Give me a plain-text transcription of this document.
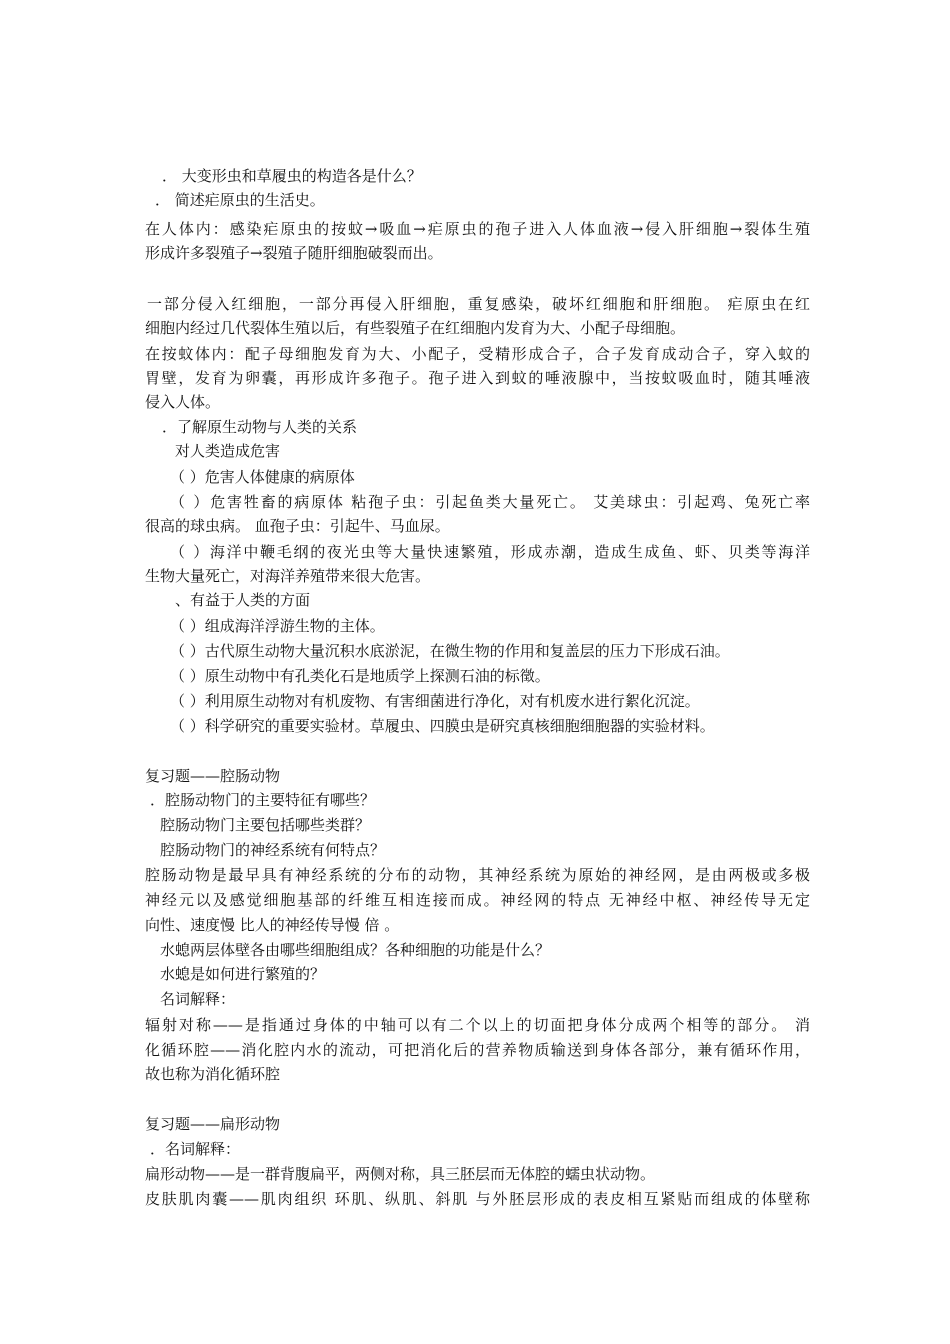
． 大变形虫和草履虫的构造各是什么？
． 简述疟原虫的生活史。
在人体内：感染疟原虫的按蚊→吸血→疟原虫的孢子进入人体血液→侵入肝细胞→裂体生殖
形成许多裂殖子→裂殖子随肝细胞破裂而出。
一部分侵入红细胞，一部分再侵入肝细胞，重复感染，破坏红细胞和肝细胞。 疟原虫在红
细胞内经过几代裂体生殖以后，有些裂殖子在红细胞内发育为大、小配子母细胞。
在按蚊体内：配子母细胞发育为大、小配子，受精形成合子，合子发育成动合子，穿入蚊的
胃壁，发育为卵囊，再形成许多孢子。孢子进入到蚊的唾液腺中，当按蚊吸血时，随其唾液
侵入人体。
．了解原生动物与人类的关系
对人类造成危害
（ ）危害人体健康的病原体
（ ）危害牲畜的病原体 粘孢子虫：引起鱼类大量死亡。 艾美球虫：引起鸡、兔死亡率
很高的球虫病。 血孢子虫：引起牛、马血尿。
（ ）海洋中鞭毛纲的夜光虫等大量快速繁殖，形成赤潮，造成生成鱼、虾、贝类等海洋
生物大量死亡，对海洋养殖带来很大危害。
、有益于人类的方面
（ ）组成海洋浮游生物的主体。
（ ）古代原生动物大量沉积水底淤泥，在微生物的作用和复盖层的压力下形成石油。
（ ）原生动物中有孔类化石是地质学上探测石油的标徵。
（ ）利用原生动物对有机废物、有害细菌进行净化，对有机废水进行絮化沉淀。
（ ）科学研究的重要实验材。草履虫、四膜虫是研究真核细胞细胞器的实验材料。
复习题——腔肠动物
．腔肠动物门的主要特征有哪些？
腔肠动物门主要包括哪些类群？
腔肠动物门的神经系统有何特点？
腔肠动物是最早具有神经系统的分布的动物，其神经系统为原始的神经网，是由两极或多极
神经元以及感觉细胞基部的纤维互相连接而成。神经网的特点 无神经中枢、神经传导无定
向性、速度慢 比人的神经传导慢 倍 。
水螅两层体壁各由哪些细胞组成？各种细胞的功能是什么？
水螅是如何进行繁殖的？
名词解释：
辐射对称——是指通过身体的中轴可以有二个以上的切面把身体分成两个相等的部分。 消
化循环腔——消化腔内水的流动，可把消化后的营养物质输送到身体各部分，兼有循环作用，
故也称为消化循环腔
复习题——扁形动物
．名词解释：
扁形动物——是一群背腹扁平，两侧对称，具三胚层而无体腔的蠕虫状动物。
皮肤肌肉囊——肌肉组织 环肌、纵肌、斜肌 与外胚层形成的表皮相互紧贴而组成的体壁称
